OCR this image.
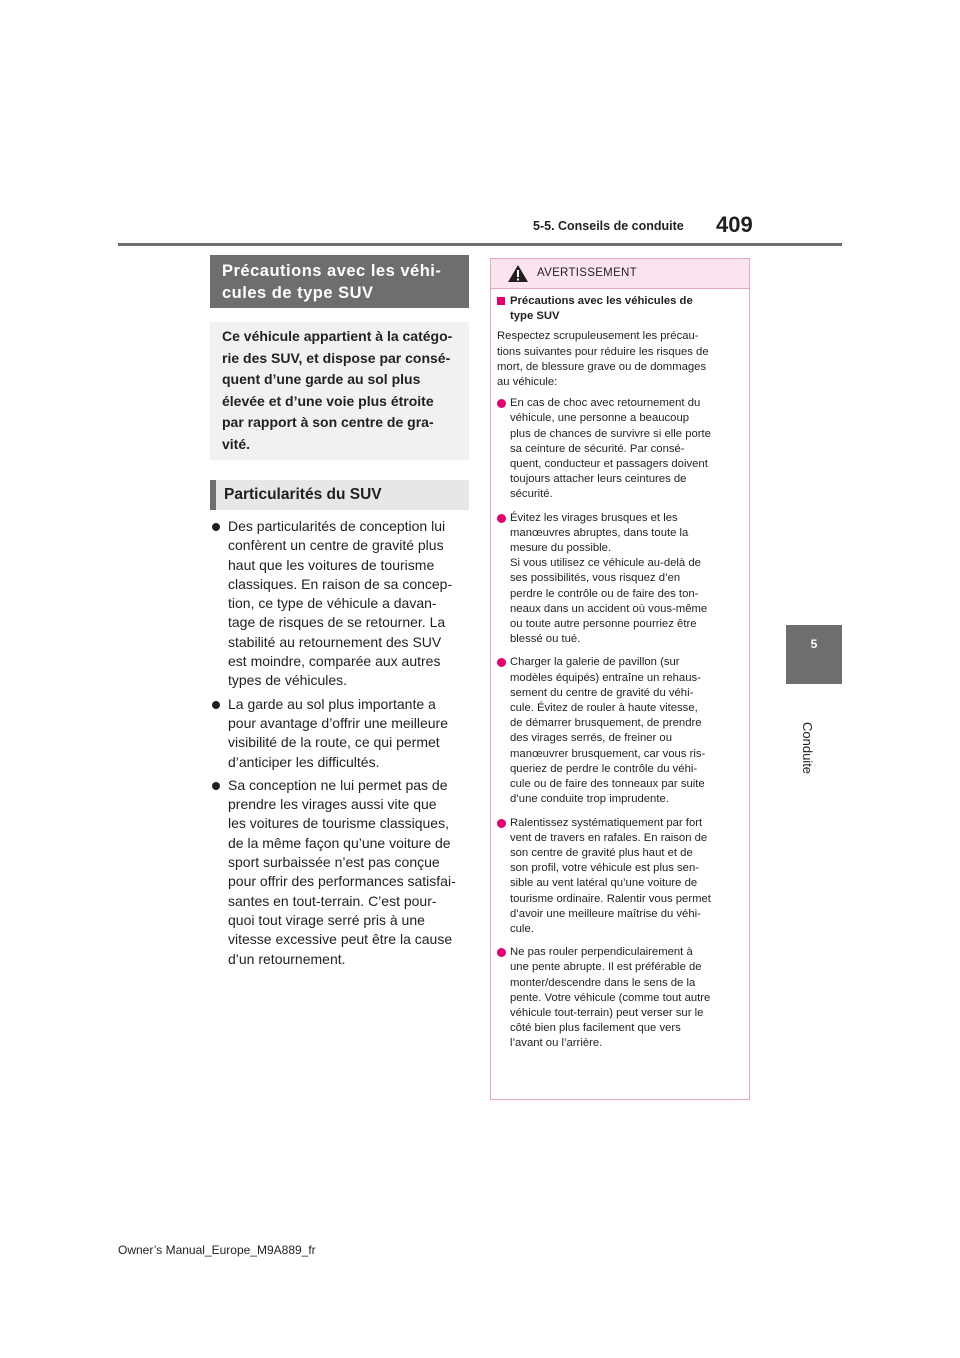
5-5. Conseils de conduite 409
5
Conduite
Précautions avec les véhi-
cules de type SUV
Ce véhicule appartient à la catégo-
rie des SUV, et dispose par consé-
quent d’une garde au sol plus
élevée et d’une voie plus étroite
par rapport à son centre de gra-
vité.
Particularités du SUV
Des particularités de conception lui
confèrent un centre de gravité plus
haut que les voitures de tourisme
classiques. En raison de sa concep-
tion, ce type de véhicule a davan-
tage de risques de se retourner. La
stabilité au retournement des SUV
est moindre, comparée aux autres
types de véhicules.
La garde au sol plus importante a
pour avantage d’offrir une meilleure
visibilité de la route, ce qui permet
d’anticiper les difficultés.
Sa conception ne lui permet pas de
prendre les virages aussi vite que
les voitures de tourisme classiques,
de la même façon qu’une voiture de
sport surbaissée n’est pas conçue
pour offrir des performances satisfai-
santes en tout-terrain. C’est pour-
quoi tout virage serré pris à une
vitesse excessive peut être la cause
d’un retournement.
AVERTISSEMENT
Précautions avec les véhicules de
type SUV
Respectez scrupuleusement les précau-
tions suivantes pour réduire les risques de
mort, de blessure grave ou de dommages
au véhicule:
En cas de choc avec retournement du
véhicule, une personne a beaucoup
plus de chances de survivre si elle porte
sa ceinture de sécurité. Par consé-
quent, conducteur et passagers doivent
toujours attacher leurs ceintures de
sécurité.
Évitez les virages brusques et les
manœuvres abruptes, dans toute la
mesure du possible.
Si vous utilisez ce véhicule au-delà de
ses possibilités, vous risquez d’en
perdre le contrôle ou de faire des ton-
neaux dans un accident où vous-même
ou toute autre personne pourriez être
blessé ou tué.
Charger la galerie de pavillon (sur
modèles équipés) entraîne un rehaus-
sement du centre de gravité du véhi-
cule. Évitez de rouler à haute vitesse,
de démarrer brusquement, de prendre
des virages serrés, de freiner ou
manœuvrer brusquement, car vous ris-
queriez de perdre le contrôle du véhi-
cule ou de faire des tonneaux par suite
d’une conduite trop imprudente.
Ralentissez systématiquement par fort
vent de travers en rafales. En raison de
son centre de gravité plus haut et de
son profil, votre véhicule est plus sen-
sible au vent latéral qu’une voiture de
tourisme ordinaire. Ralentir vous permet
d’avoir une meilleure maîtrise du véhi-
cule.
Ne pas rouler perpendiculairement à
une pente abrupte. Il est préférable de
monter/descendre dans le sens de la
pente. Votre véhicule (comme tout autre
véhicule tout-terrain) peut verser sur le
côté bien plus facilement que vers
l’avant ou l’arrière.
Owner’s Manual_Europe_M9A889_fr
